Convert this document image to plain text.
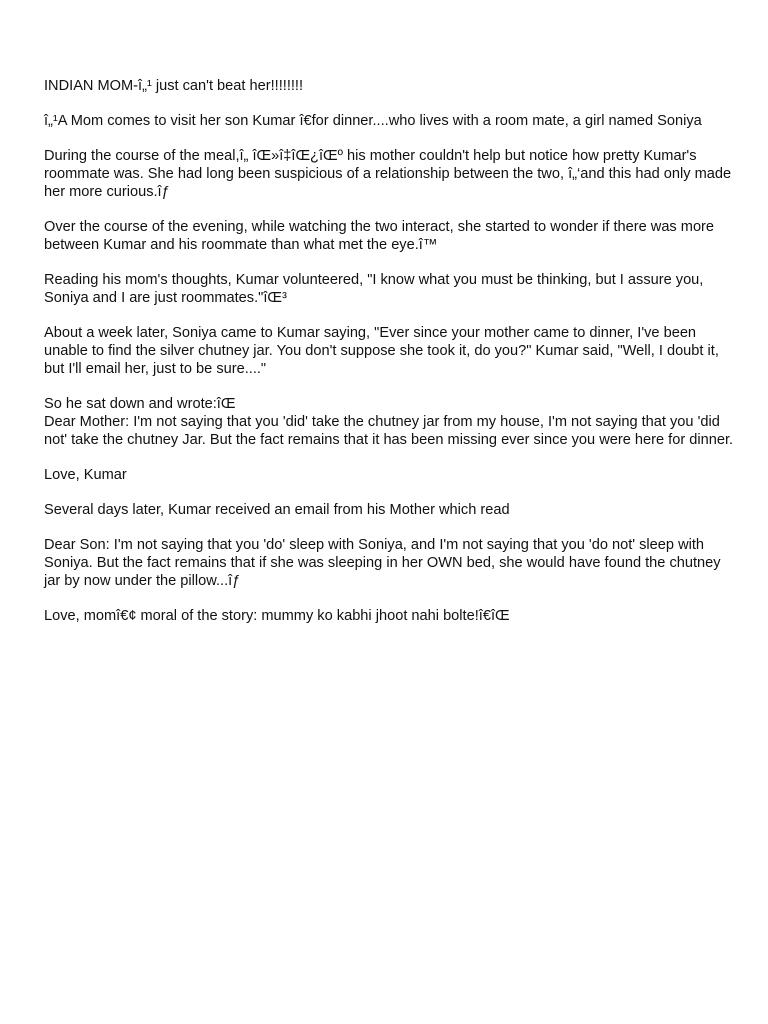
INDIAN MOM-î„¹ just can't beat her!!!!!!!!

î„¹A Mom comes to visit her son Kumar î€for dinner....who lives with a room mate, a girl named Soniya

During the course of the meal,î„ îŒ»î‡îŒ¿îŒº his mother couldn't help but notice how pretty Kumar's roommate was. She had long been suspicious of a relationship between the two, î„‘and this had only made her more curious.îƒ

Over the course of the evening, while watching the two interact, she started to wonder if there was more between Kumar and his roommate than what met the eye.î™

Reading his mom's thoughts, Kumar volunteered, "I know what you must be thinking, but I assure you, Soniya and I are just roommates."îŒ³

About a week later, Soniya came to Kumar saying, "Ever since your mother came to dinner, I've been unable to find the silver chutney jar. You don't suppose she took it, do you?" Kumar said, "Well, I doubt it, but I'll email her, just to be sure...."

So he sat down and wrote:îŒ
Dear Mother: I'm not saying that you 'did' take the chutney jar from my house, I'm not saying that you 'did not' take the chutney Jar. But the fact remains that it has been missing ever since you were here for dinner.

Love, Kumar

Several days later, Kumar received an email from his Mother which read

Dear Son: I'm not saying that you 'do' sleep with Soniya, and I'm not saying that you 'do not' sleep with Soniya. But the fact remains that if she was sleeping in her OWN bed, she would have found the chutney jar by now under the pillow...îƒ

Love, momî€¢ moral of the story: mummy ko kabhi jhoot nahi bolte!î€îŒ
